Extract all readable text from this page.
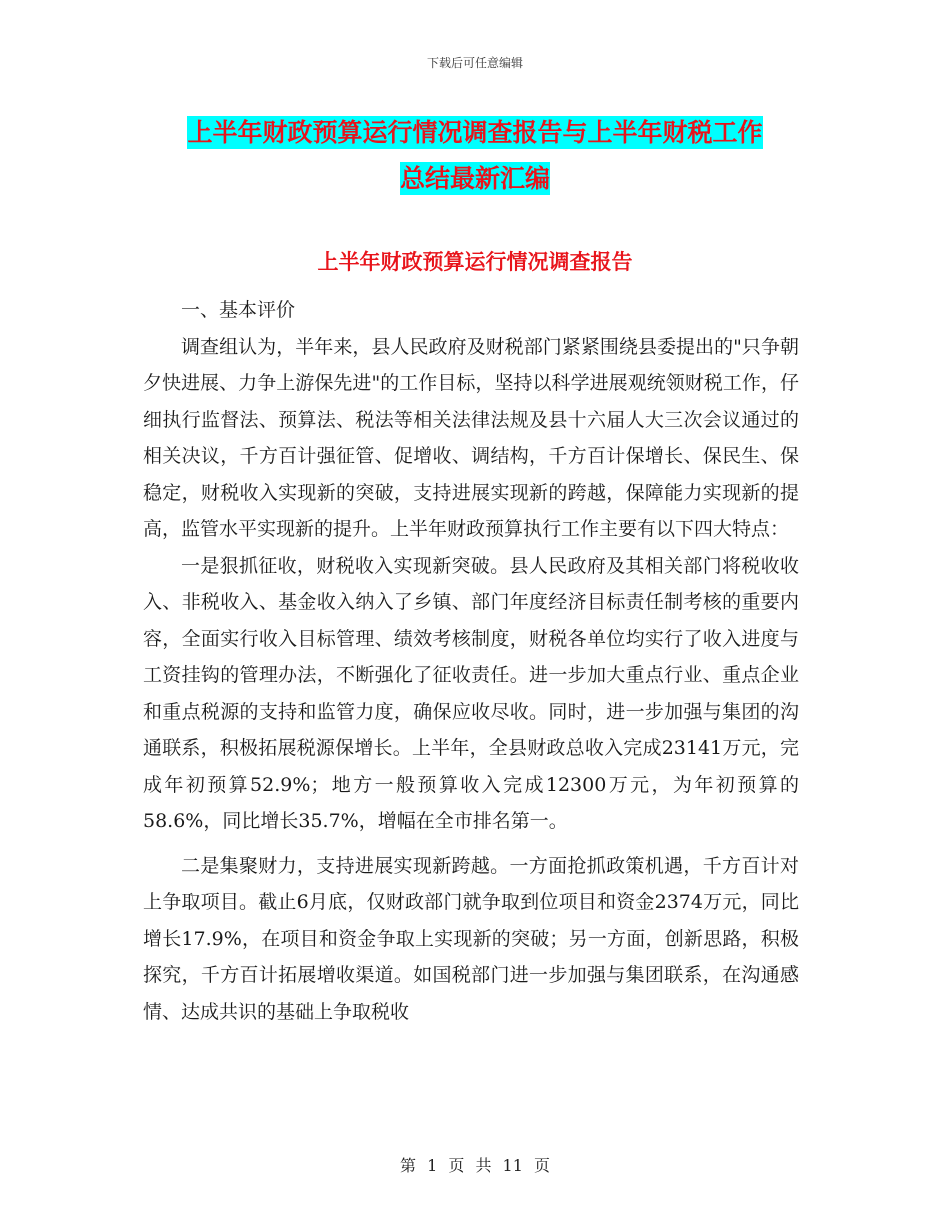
下载后可任意编辑
上半年财政预算运行情况调查报告与上半年财税工作
总结最新汇编
上半年财政预算运行情况调查报告

一、基本评价

调查组认为，半年来，县人民政府及财税部门紧紧围绕县委提出的"只争朝夕快进展、力争上游保先进"的工作目标，坚持以科学进展观统领财税工作，仔细执行监督法、预算法、税法等相关法律法规及县十六届人大三次会议通过的相关决议，千方百计强征管、促增收、调结构，千方百计保增长、保民生、保稳定，财税收入实现新的突破，支持进展实现新的跨越，保障能力实现新的提高，监管水平实现新的提升。上半年财政预算执行工作主要有以下四大特点：

一是狠抓征收，财税收入实现新突破。县人民政府及其相关部门将税收收入、非税收入、基金收入纳入了乡镇、部门年度经济目标责任制考核的重要内容，全面实行收入目标管理、绩效考核制度，财税各单位均实行了收入进度与工资挂钩的管理办法，不断强化了征收责任。进一步加大重点行业、重点企业和重点税源的支持和监管力度，确保应收尽收。同时，进一步加强与集团的沟通联系，积极拓展税源保增长。上半年，全县财政总收入完成23141万元，完成年初预算52.9%；地方一般预算收入完成12300万元，为年初预算的58.6%，同比增长35.7%，增幅在全市排名第一。

二是集聚财力，支持进展实现新跨越。一方面抢抓政策机遇，千方百计对上争取项目。截止6月底，仅财政部门就争取到位项目和资金2374万元，同比增长17.9%，在项目和资金争取上实现新的突破；另一方面，创新思路，积极探究，千方百计拓展增收渠道。如国税部门进一步加强与集团联系，在沟通感情、达成共识的基础上争取税收

第 1 页 共 11 页
